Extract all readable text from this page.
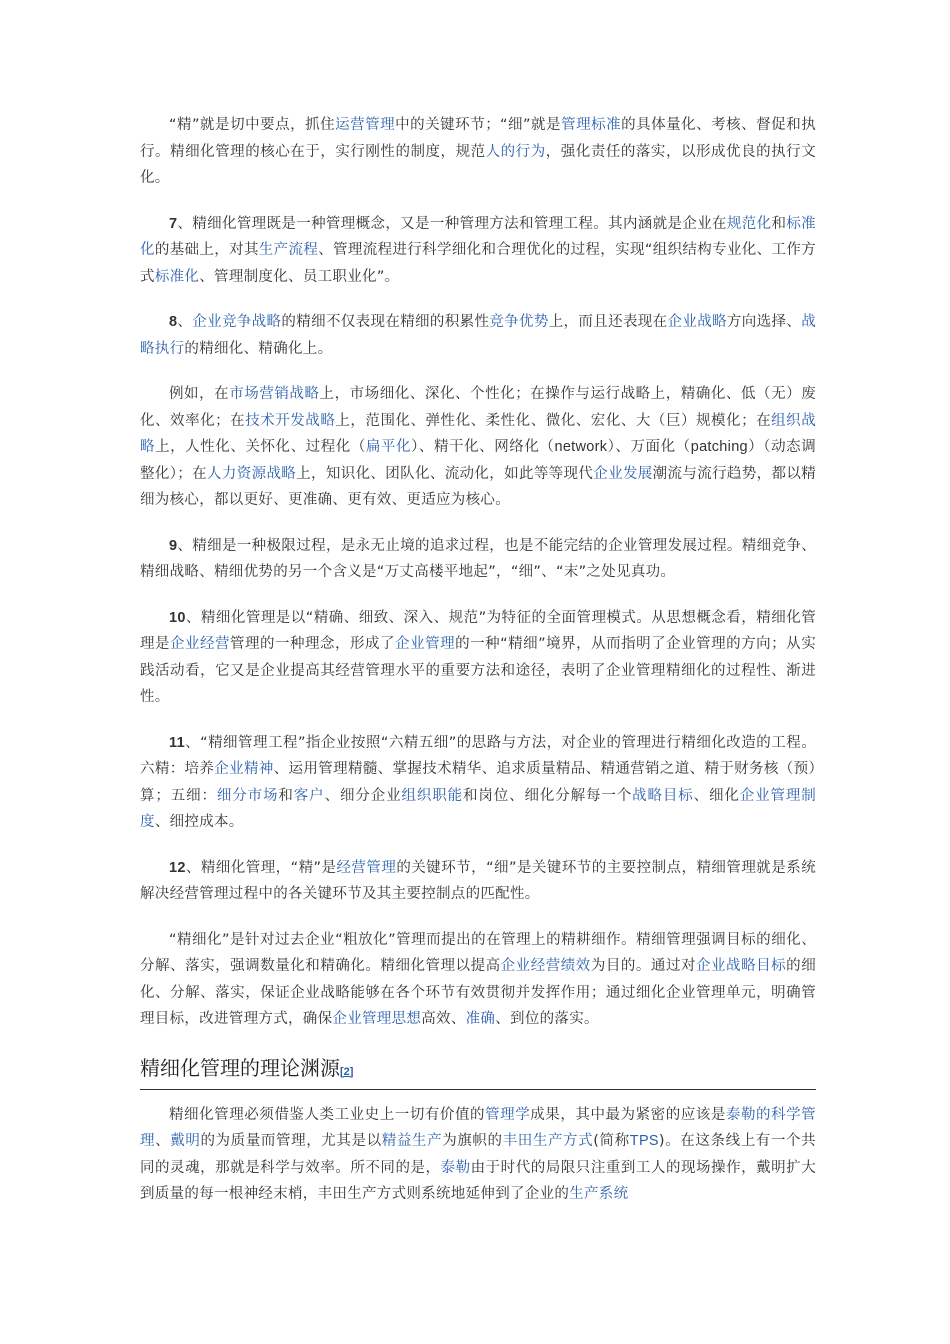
“精”就是切中要点，抓住运营管理中的关键环节；“细”就是管理标准的具体量化、考核、督促和执行。精细化管理的核心在于，实行刚性的制度，规范人的行为，强化责任的落实，以形成优良的执行文化。

7、精细化管理既是一种管理概念，又是一种管理方法和管理工程。其内涵就是企业在规范化和标准化的基础上，对其生产流程、管理流程进行科学细化和合理优化的过程，实现“组织结构专业化、工作方式标准化、管理制度化、员工职业化”。

8、企业竞争战略的精细不仅表现在精细的积累性竞争优势上，而且还表现在企业战略方向选择、战略执行的精细化、精确化上。

例如，在市场营销战略上，市场细化、深化、个性化；在操作与运行战略上，精确化、低（无）废化、效率化；在技术开发战略上，范围化、弹性化、柔性化、微化、宏化、大（巨）规模化；在组织战略上，人性化、关怀化、过程化（扁平化）、精干化、网络化（network）、万面化（patching）（动态调整化）；在人力资源战略上，知识化、团队化、流动化，如此等等现代企业发展潮流与流行趋势，都以精细为核心，都以更好、更准确、更有效、更适应为核心。

9、精细是一种极限过程，是永无止境的追求过程，也是不能完结的企业管理发展过程。精细竞争、精细战略、精细优势的另一个含义是“万丈高楼平地起”，“细”、“末”之处见真功。

10、精细化管理是以“精确、细致、深入、规范”为特征的全面管理模式。从思想概念看，精细化管理是企业经营管理的一种理念，形成了企业管理的一种“精细”境界，从而指明了企业管理的方向；从实践活动看，它又是企业提高其经营管理水平的重要方法和途径，表明了企业管理精细化的过程性、渐进性。

11、“精细管理工程”指企业按照“六精五细”的思路与方法，对企业的管理进行精细化改造的工程。六精：培养企业精神、运用管理精髓、掌握技术精华、追求质量精品、精通营销之道、精于财务核（预）算；五细：细分市场和客户、细分企业组织职能和岗位、细化分解每一个战略目标、细化企业管理制度、细控成本。

12、精细化管理，“精”是经营管理的关键环节，“细”是关键环节的主要控制点，精细管理就是系统解决经营管理过程中的各关键环节及其主要控制点的匹配性。

“精细化”是针对过去企业“粗放化”管理而提出的在管理上的精耕细作。精细管理强调目标的细化、分解、落实，强调数量化和精确化。精细化管理以提高企业经营绩效为目的。通过对企业战略目标的细化、分解、落实，保证企业战略能够在各个环节有效贯彻并发挥作用；通过细化企业管理单元，明确管理目标，改进管理方式，确保企业管理思想高效、准确、到位的落实。

精细化管理的理论渊源[2]

精细化管理必须借鉴人类工业史上一切有价值的管理学成果，其中最为紧密的应该是泰勒的科学管理、戴明的为质量而管理，尤其是以精益生产为旗帜的丰田生产方式(简称TPS)。在这条线上有一个共同的灵魂，那就是科学与效率。所不同的是，泰勒由于时代的局限只注重到工人的现场操作，戴明扩大到质量的每一根神经末梢，丰田生产方式则系统地延伸到了企业的生产系统
